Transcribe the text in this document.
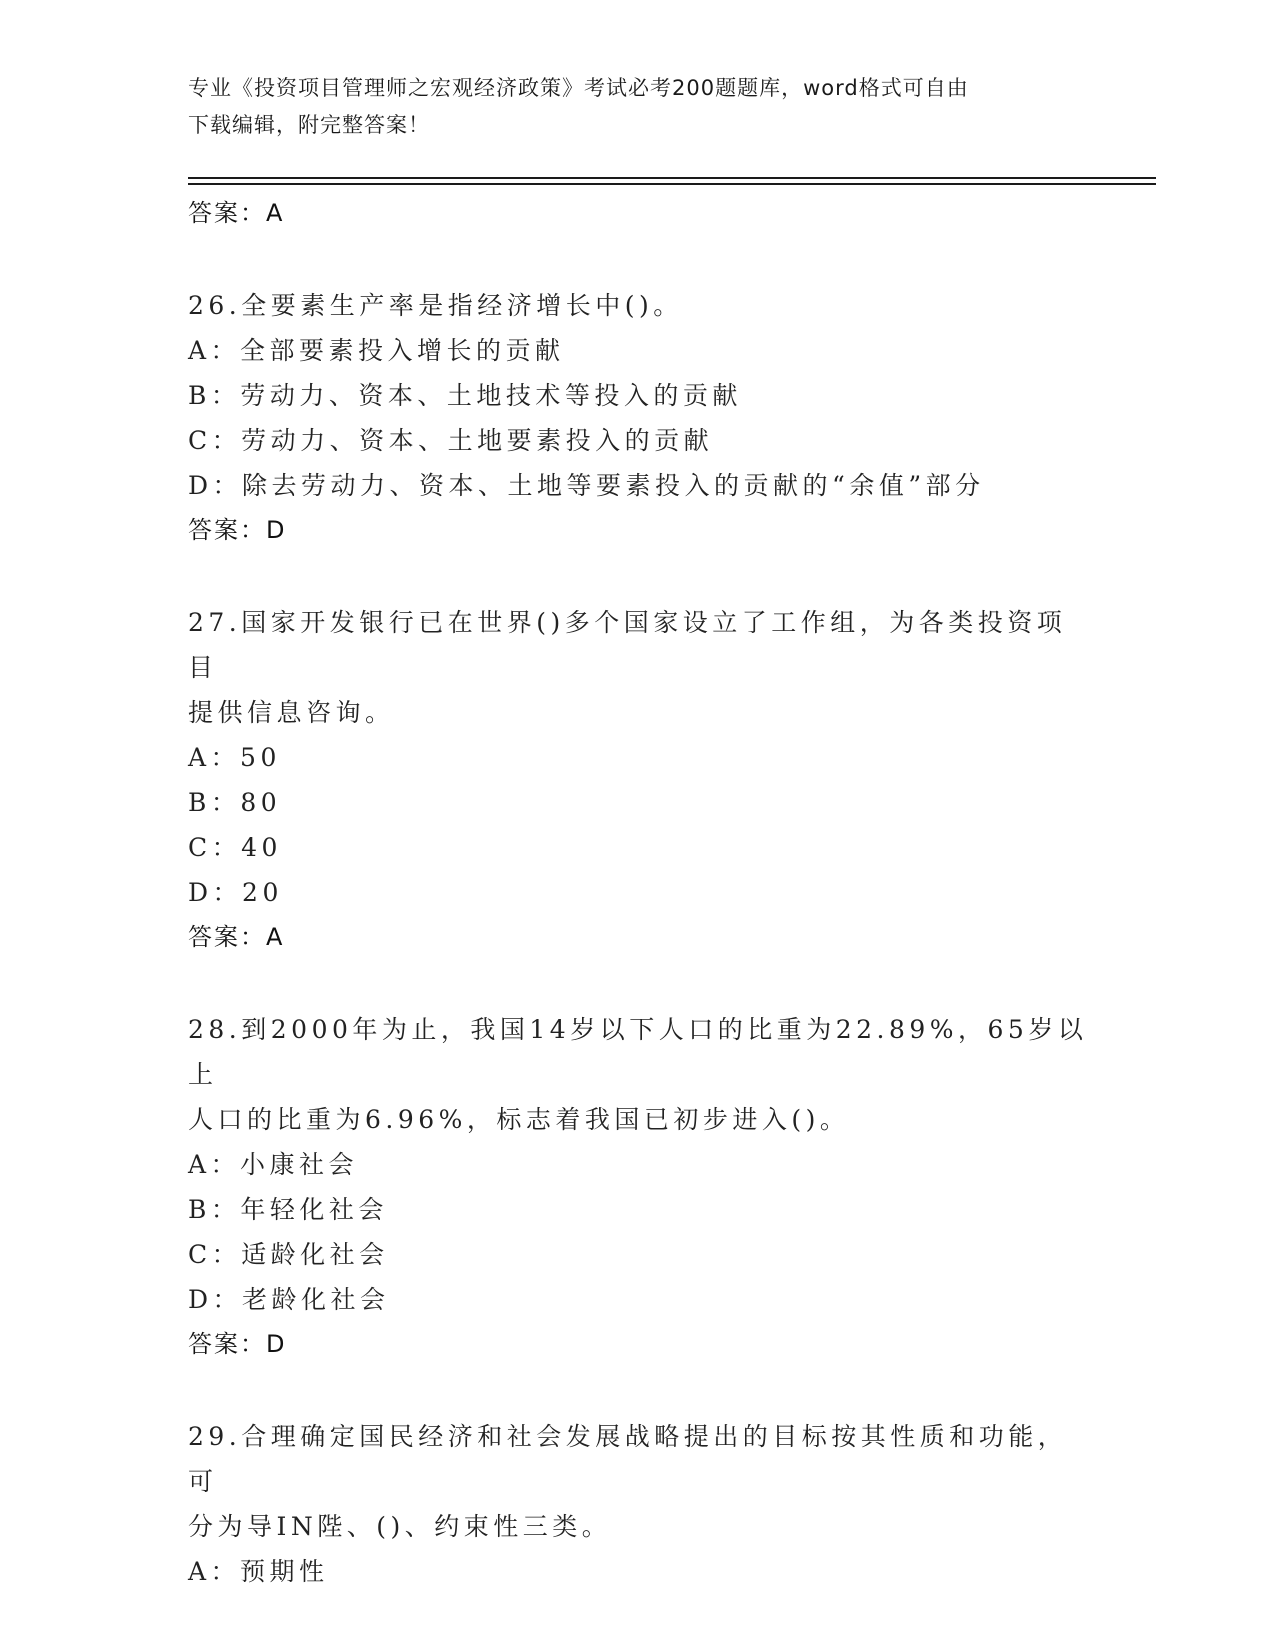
专业《投资项目管理师之宏观经济政策》考试必考200题题库，word格式可自由
下载编辑，附完整答案！
答案：A
26.全要素生产率是指经济增长中()。
A：全部要素投入增长的贡献
B：劳动力、资本、土地技术等投入的贡献
C：劳动力、资本、土地要素投入的贡献
D：除去劳动力、资本、土地等要素投入的贡献的“余值”部分
答案：D
27.国家开发银行已在世界()多个国家设立了工作组，为各类投资项目
提供信息咨询。
A：50
B：80
C：40
D：20
答案：A
28.到2000年为止，我国14岁以下人口的比重为22.89%，65岁以上
人口的比重为6.96%，标志着我国已初步进入()。
A：小康社会
B：年轻化社会
C：适龄化社会
D：老龄化社会
答案：D
29.合理确定国民经济和社会发展战略提出的目标按其性质和功能，可
分为导IN陛、()、约束性三类。
A：预期性
